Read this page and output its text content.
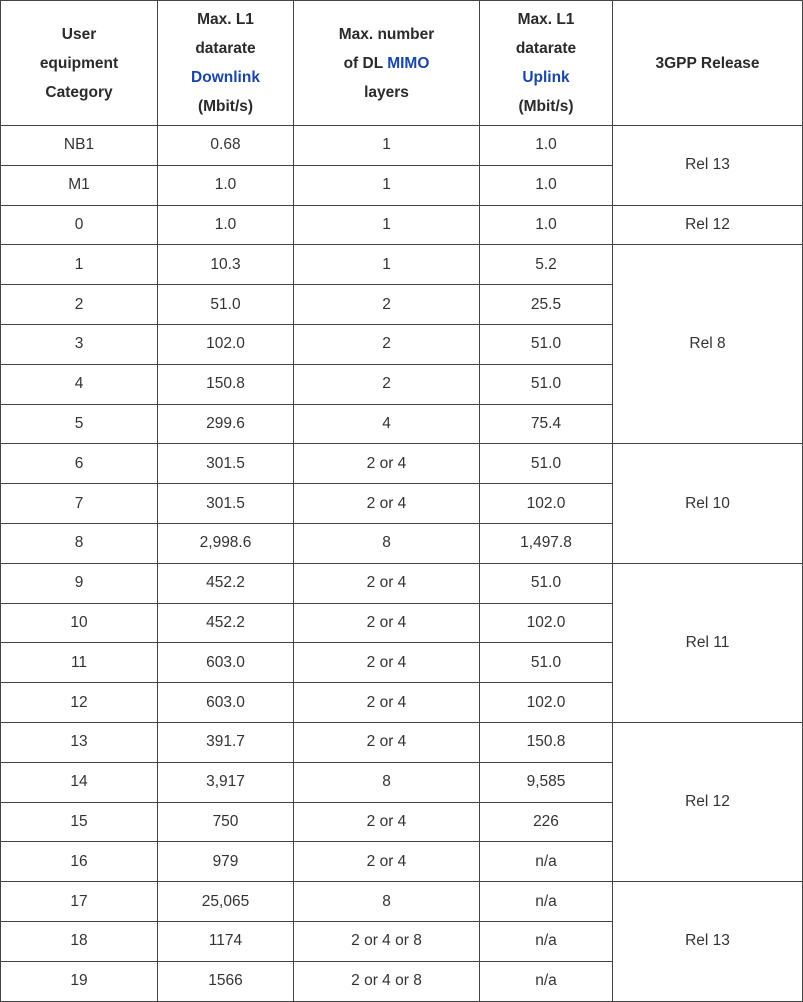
User
equipment
Category	Max. L1
datarate
Downlink
(Mbit/s)	Max. number
of DL MIMO
layers	Max. L1
datarate
Uplink
(Mbit/s)	3GPP Release
NB1	0.68	1	1.0	Rel 13
M1	1.0	1	1.0	
0	1.0	1	1.0	Rel 12
1	10.3	1	5.2	Rel 8
2	51.0	2	25.5	
3	102.0	2	51.0	
4	150.8	2	51.0	
5	299.6	4	75.4	
6	301.5	2 or 4	51.0	Rel 10
7	301.5	2 or 4	102.0	
8	2,998.6	8	1,497.8	
9	452.2	2 or 4	51.0	Rel 11
10	452.2	2 or 4	102.0	
11	603.0	2 or 4	51.0	
12	603.0	2 or 4	102.0	
13	391.7	2 or 4	150.8	Rel 12
14	3,917	8	9,585	
15	750	2 or 4	226	
16	979	2 or 4	n/a	
17	25,065	8	n/a	Rel 13
18	1174	2 or 4 or 8	n/a	
19	1566	2 or 4 or 8	n/a	
